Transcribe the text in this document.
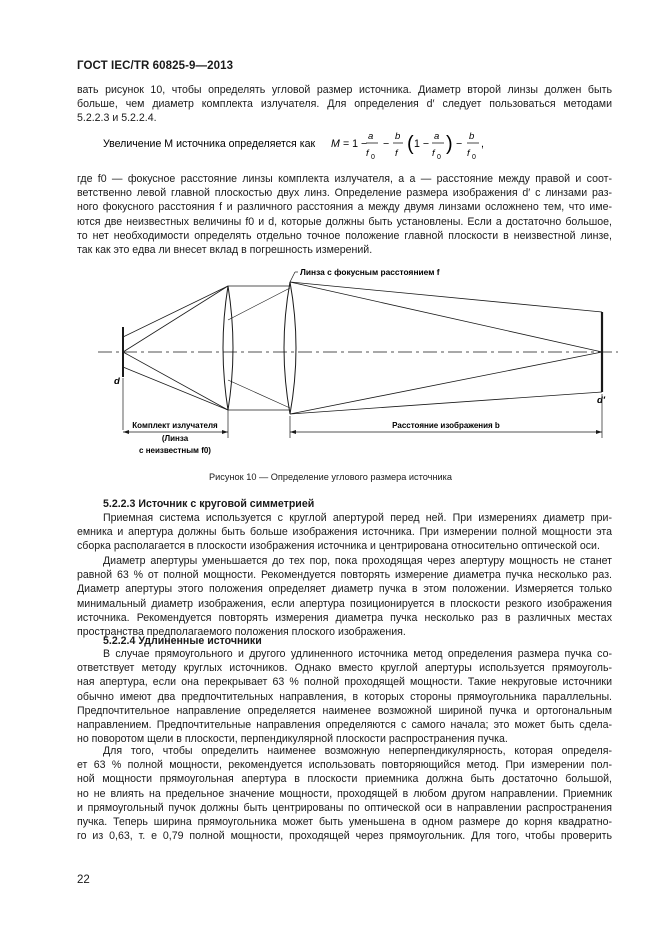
ГОСТ IEC/TR 60825-9—2013
вать рисунок 10, чтобы определять угловой размер источника. Диаметр второй линзы должен быть
больше, чем диаметр комплекта излучателя. Для определения d′ следует пользоваться методами
5.2.2.3 и 5.2.2.4.
Увеличение М источника определяется как M = 1 −
a
f 0
−
b
f ( 1 −
a
f 0
) −
b
f 0
,
где f0 — фокусное расстояние линзы комплекта излучателя, а a — расстояние между правой и соот-
ветственно левой главной плоскостью двух линз. Определение размера изображения d′ с линзами раз-
ного фокусного расстояния f и различного расстояния a между двумя линзами осложнено тем, что име-
ются две неизвестных величины f0 и d, которые должны быть установлены. Если a достаточно большое,
то нет необходимости определять отдельно точное положение главной плоскости в неизвестной линзе,
так как это едва ли внесет вклад в погрешность измерений.
Линза с фокусным расстоянием f
d
d′
Комплект излучателя
(Линза
с неизвестным f0)
Расстояние изображения b
Рисунок 10 — Определение углового размера источника
5.2.2.3 Источник с круговой симметрией
Приемная система используется с круглой апертурой перед ней. При измерениях диаметр при-
емника и апертура должны быть больше изображения источника. При измерении полной мощности эта
сборка располагается в плоскости изображения источника и центрирована относительно оптической оси.
Диаметр апертуры уменьшается до тех пор, пока проходящая через апертуру мощность не станет
равной 63 % от полной мощности. Рекомендуется повторять измерение диаметра пучка несколько раз.
Диаметр апертуры этого положения определяет диаметр пучка в этом положении. Измеряется только
минимальный диаметр изображения, если апертура позиционируется в плоскости резкого изображения
источника. Рекомендуется повторять измерения диаметра пучка несколько раз в различных местах
пространства предполагаемого положения плоского изображения.
5.2.2.4 Удлиненные источники
В случае прямоугольного и другого удлиненного источника метод определения размера пучка со-
ответствует методу круглых источников. Однако вместо круглой апертуры используется прямоуголь-
ная апертура, если она перекрывает 63 % полной проходящей мощности. Такие некруговые источники
обычно имеют два предпочтительных направления, в которых стороны прямоугольника параллельны.
Предпочтительное направление определяется наименее возможной шириной пучка и ортогональным
направлением. Предпочтительные направления определяются с самого начала; это может быть сдела-
но поворотом щели в плоскости, перпендикулярной плоскости распространения пучка.
Для того, чтобы определить наименее возможную неперпендикулярность, которая определя-
ет 63 % полной мощности, рекомендуется использовать повторяющийся метод. При измерении пол-
ной мощности прямоугольная апертура в плоскости приемника должна быть достаточно большой,
но не влиять на предельное значение мощности, проходящей в любом другом направлении. Приемник
и прямоугольный пучок должны быть центрированы по оптической оси в направлении распространения
пучка. Теперь ширина прямоугольника может быть уменьшена в одном размере до корня квадратно-
го из 0,63, т. е 0,79 полной мощности, проходящей через прямоугольник. Для того, чтобы проверить
22
